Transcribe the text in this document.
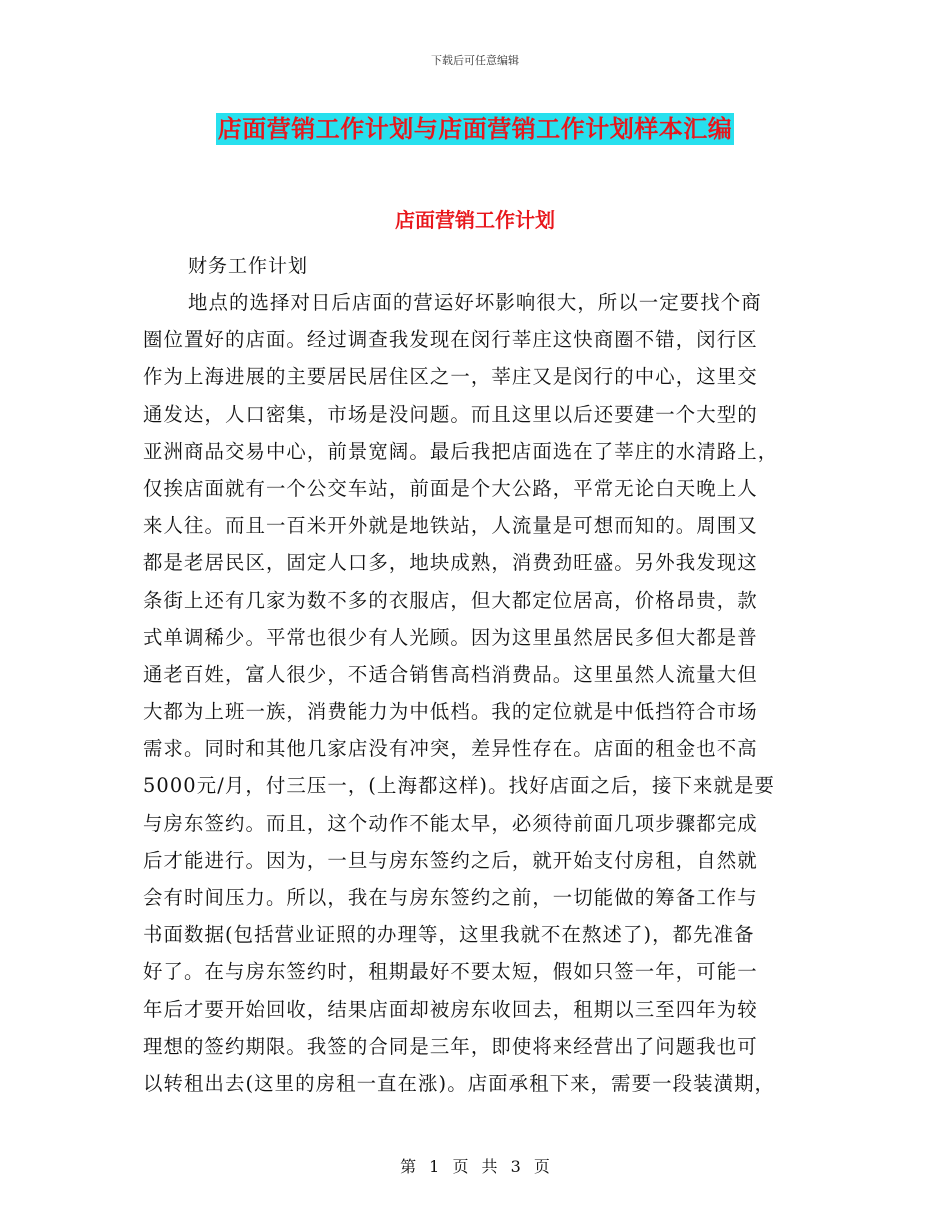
下载后可任意编辑
店面营销工作计划与店面营销工作计划样本汇编
店面营销工作计划
财务工作计划
地点的选择对日后店面的营运好坏影响很大，所以一定要找个商
圈位置好的店面。经过调查我发现在闵行莘庄这快商圈不错，闵行区
作为上海进展的主要居民居住区之一，莘庄又是闵行的中心，这里交
通发达，人口密集，市场是没问题。而且这里以后还要建一个大型的
亚洲商品交易中心，前景宽阔。最后我把店面选在了莘庄的水清路上，
仅挨店面就有一个公交车站，前面是个大公路，平常无论白天晚上人
来人往。而且一百米开外就是地铁站，人流量是可想而知的。周围又
都是老居民区，固定人口多，地块成熟，消费劲旺盛。另外我发现这
条街上还有几家为数不多的衣服店，但大都定位居高，价格昂贵，款
式单调稀少。平常也很少有人光顾。因为这里虽然居民多但大都是普
通老百姓，富人很少，不适合销售高档消费品。这里虽然人流量大但
大都为上班一族，消费能力为中低档。我的定位就是中低挡符合市场
需求。同时和其他几家店没有冲突，差异性存在。店面的租金也不高
5000元/月，付三压一，(上海都这样)。找好店面之后，接下来就是要
与房东签约。而且，这个动作不能太早，必须待前面几项步骤都完成
后才能进行。因为，一旦与房东签约之后，就开始支付房租，自然就
会有时间压力。所以，我在与房东签约之前，一切能做的筹备工作与
书面数据(包括营业证照的办理等，这里我就不在熬述了)，都先准备
好了。在与房东签约时，租期最好不要太短，假如只签一年，可能一
年后才要开始回收，结果店面却被房东收回去，租期以三至四年为较
理想的签约期限。我签的合同是三年，即使将来经营出了问题我也可
以转租出去(这里的房租一直在涨)。店面承租下来，需要一段装潢期，
第 1 页 共 3 页
